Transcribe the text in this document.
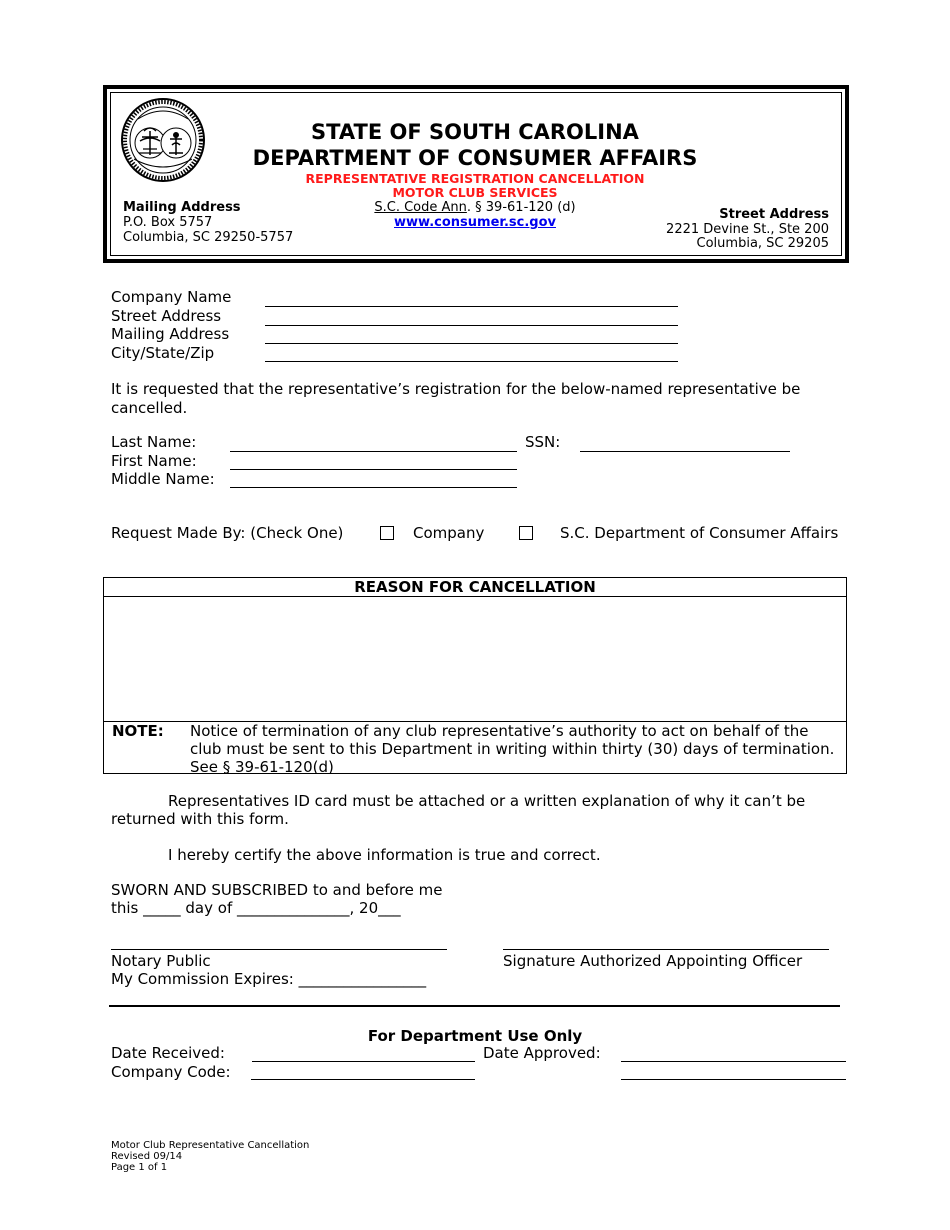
STATE OF SOUTH CAROLINA
DEPARTMENT OF CONSUMER AFFAIRS
REPRESENTATIVE REGISTRATION CANCELLATION
MOTOR CLUB SERVICES
S.C. Code Ann. § 39-61-120 (d)
www.consumer.sc.gov
Mailing Address
P.O. Box 5757
Columbia, SC 29250-5757
Street Address
2221 Devine St., Ste 200
Columbia, SC 29205
Company Name
Street Address
Mailing Address
City/State/Zip
It is requested that the representative’s registration for the below-named representative be cancelled.
Last Name:	SSN:
First Name:
Middle Name:
Request Made By: (Check One)	Company	S.C. Department of Consumer Affairs
REASON FOR CANCELLATION
NOTE: Notice of termination of any club representative’s authority to act on behalf of the club must be sent to this Department in writing within thirty (30) days of termination. See § 39-61-120(d)
Representatives ID card must be attached or a written explanation of why it can’t be
returned with this form.
I hereby certify the above information is true and correct.
SWORN AND SUBSCRIBED to and before me
this _____ day of _______________, 20___
Notary Public
My Commission Expires: _________________
Signature Authorized Appointing Officer
For Department Use Only
Date Received:	Date Approved:
Company Code:
Motor Club Representative Cancellation
Revised 09/14
Page 1 of 1
